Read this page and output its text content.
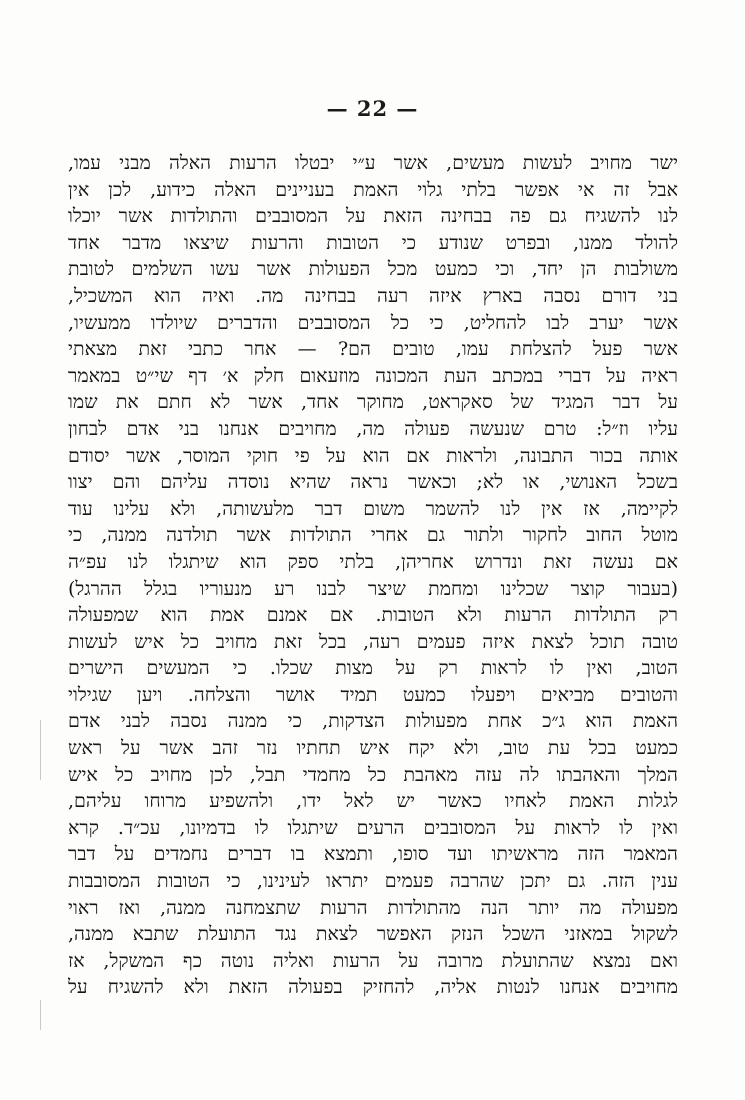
— 22 —
ישר מחויב לעשות מעשים, אשר ע״י יבטלו הרעות האלה מבני עמו,
אבל זה אי אפשר בלתי גלוי האמת בעניינים האלה כידוע, לכן אין
לנו להשגיח גם פה בבחינה הזאת על המסובבים והתולדות אשר יוכלו
להולד ממנו, ובפרט שנודע כי הטובות והרעות שיצאו מדבר אחד
משולבות הן יחד, וכי כמעט מכל הפעולות אשר עשו השלמים לטובת
בני דורם נסבה בארץ איזה רעה בבחינה מה. ואיה הוא המשכיל,
אשר יערב לבו להחליט, כי כל המסובבים והדברים שיולדו ממעשיו,
אשר פעל להצלחת עמו, טובים הם? — אחר כתבי זאת מצאתי
ראיה על דברי במכתב העת המכונה מוזעאום חלק א׳ דף שי״ט במאמר
על דבר המגיד של סאקראט, מחוקר אחד, אשר לא חתם את שמו
עליו וז״ל: טרם שנעשה פעולה מה, מחויבים אנחנו בני אדם לבחון
אותה בכור התבונה, ולראות אם הוא על פי חוקי המוסר, אשר יסודם
בשכל האנושי, או לא; וכאשר נראה שהיא נוסדה עליהם והם יצוו
לקיימה, אז אין לנו להשמר משום דבר מלעשותה, ולא עלינו עוד
מוטל החוב לחקור ולתור גם אחרי התולדות אשר תולדנה ממנה, כי
אם נעשה זאת ונדרוש אחריהן, בלתי ספק הוא שיתגלו לנו עפ״ה
(בעבור קוצר שכלינו ומחמת שיצר לבנו רע מנעוריו בגלל ההרגל)
רק התולדות הרעות ולא הטובות. אם אמנם אמת הוא שמפעולה
טובה תוכל לצאת איזה פעמים רעה, בכל זאת מחויב כל איש לעשות
הטוב, ואין לו לראות רק על מצות שכלו. כי המעשים הישרים
והטובים מביאים ויפעלו כמעט תמיד אושר והצלחה. ויען שגילוי
האמת הוא ג״כ אחת מפעולות הצדקות, כי ממנה נסבה לבני אדם
כמעט בכל עת טוב, ולא יקח איש תחתיו נזר זהב אשר על ראש
המלך והאהבתו לה עזה מאהבת כל מחמדי תבל, לכן מחויב כל איש
לגלות האמת לאחיו כאשר יש לאל ידו, ולהשפיע מרוחו עליהם,
ואין לו לראות על המסובבים הרעים שיתגלו לו בדמיונו, עכ״ד. קרא
המאמר הזה מראשיתו ועד סופו, ותמצא בו דברים נחמדים על דבר
ענין הזה. גם יתכן שהרבה פעמים יתראו לעינינו, כי הטובות המסובבות
מפעולה מה יותר הנה מהתולדות הרעות שתצמחנה ממנה, ואז ראוי
לשקול במאזני השכל הנזק האפשר לצאת נגד התועלת שתבא ממנה,
ואם נמצא שהתועלת מרובה על הרעות ואליה נוטה כף המשקל, אז
מחויבים אנחנו לנטות אליה, להחזיק בפעולה הזאת ולא להשגיח על
